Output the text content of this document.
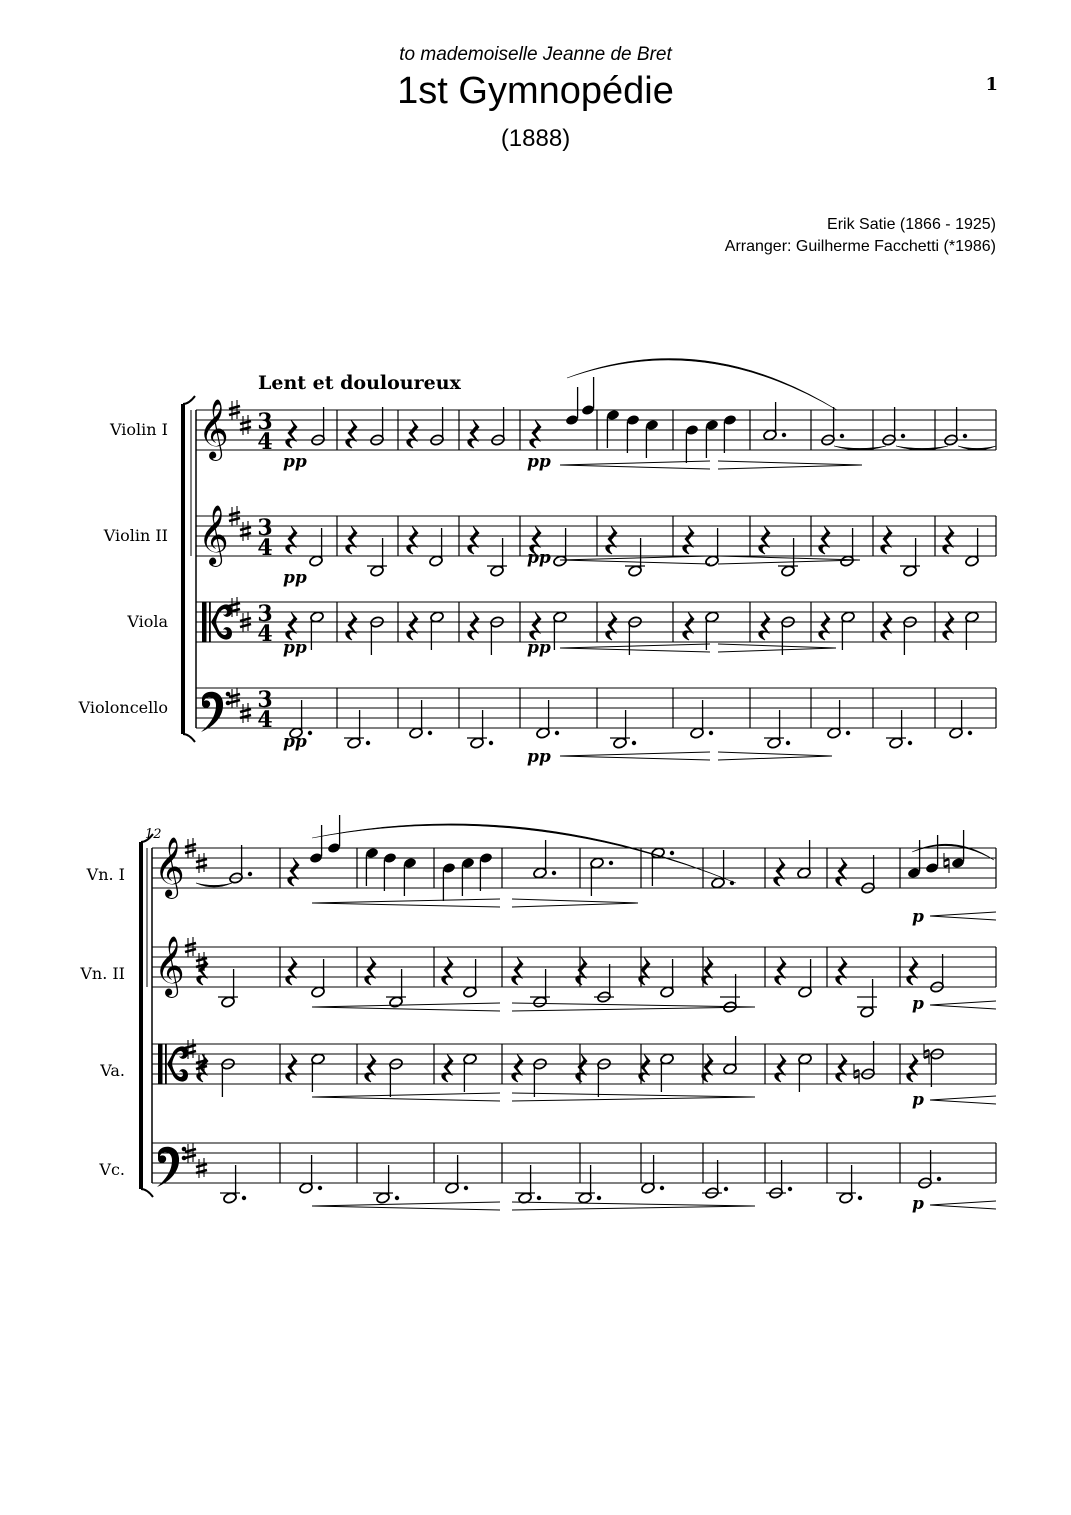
to mademoiselle Jeanne de Bret
1st Gymnopédie
(1888)
1
Erik Satie (1866 - 1925)
Arranger: Guilherme Facchetti (*1986)
𝄞 3
4
𝄞 3
4
3
4
3
4
Violin I
Violin II
Viola
Violoncello
Lent et douloureux
pp	pp
pp
pp
pp	pp
pp
pp
𝄞
𝄞
Vn. I
Vn. II
Va.
Vc.
12
p
p
p
p
